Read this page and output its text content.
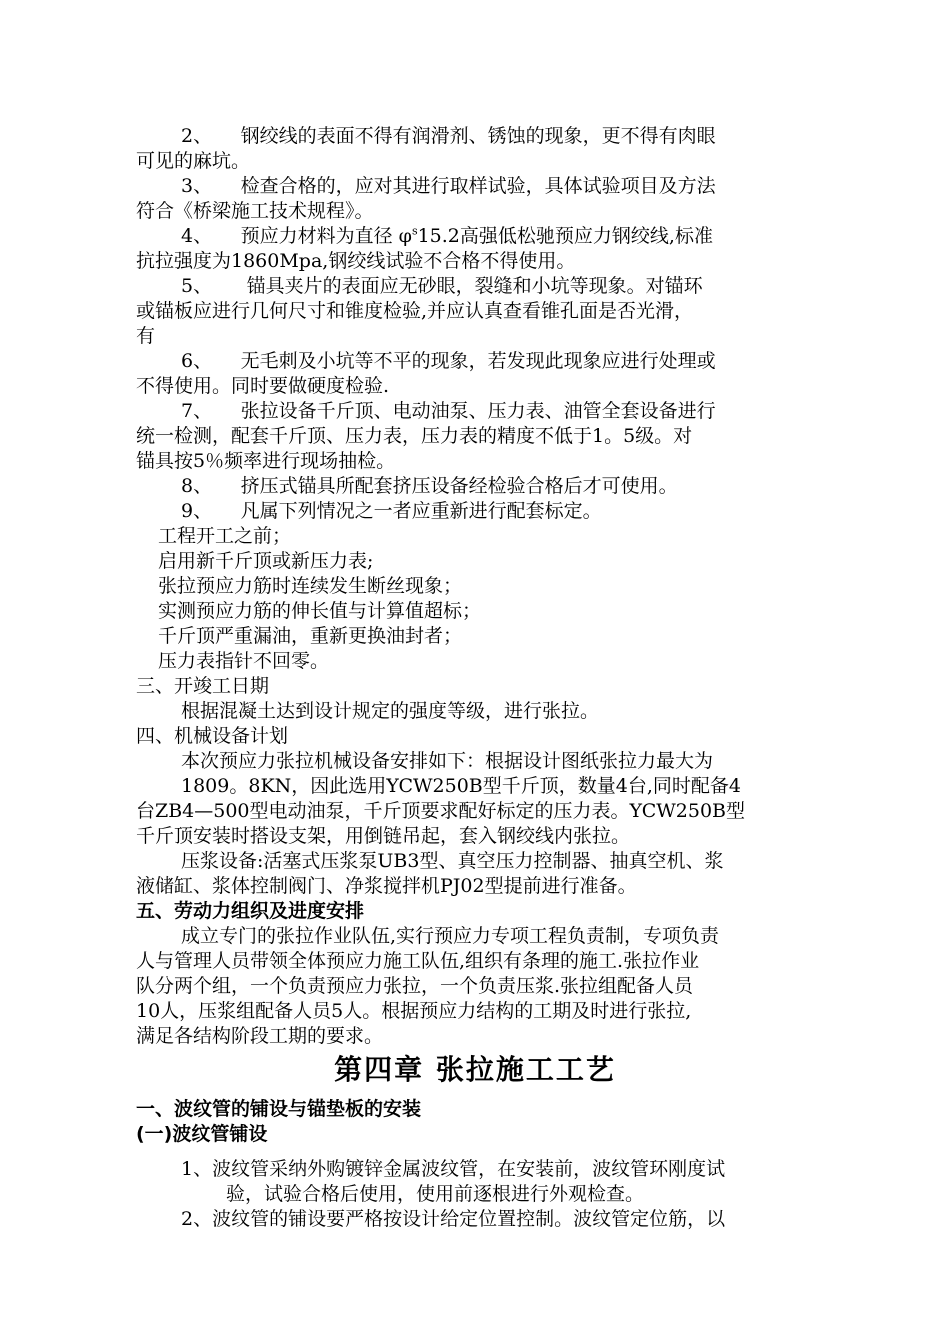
2、　　钢绞线的表面不得有润滑剂、锈蚀的现象，更不得有肉眼
可见的麻坑。
3、　　检查合格的，应对其进行取样试验，具体试验项目及方法
符合《桥梁施工技术规程》。
4、　　预应力材料为直径 $\varphi^s15.2$高强低松驰预应力钢绞线,标准
抗拉强度为1860Mpa,钢绞线试验不合格不得使用。
5、　　 锚具夹片的表面应无砂眼，裂缝和小坑等现象。对锚环
或锚板应进行几何尺寸和锥度检验,并应认真查看锥孔面是否光滑，
有
6、　　无毛刺及小坑等不平的现象，若发现此现象应进行处理或
不得使用。同时要做硬度检验.
7、　　张拉设备千斤顶、电动油泵、压力表、油管全套设备进行
统一检测，配套千斤顶、压力表，压力表的精度不低于1。5级。对
锚具按5％频率进行现场抽检。
8、　　挤压式锚具所配套挤压设备经检验合格后才可使用。
9、　　凡属下列情况之一者应重新进行配套标定。
工程开工之前；
启用新千斤顶或新压力表;
张拉预应力筋时连续发生断丝现象；
实测预应力筋的伸长值与计算值超标；
千斤顶严重漏油，重新更换油封者；
压力表指针不回零。
三、开竣工日期
根据混凝土达到设计规定的强度等级，进行张拉。
四、机械设备计划
本次预应力张拉机械设备安排如下：根据设计图纸张拉力最大为
1809。8KN，因此选用YCW250B型千斤顶，数量4台,同时配备4
台ZB4—500型电动油泵，千斤顶要求配好标定的压力表。YCW250B型
千斤顶安装时搭设支架，用倒链吊起，套入钢绞线内张拉。
压浆设备:活塞式压浆泵UB3型、真空压力控制器、抽真空机、浆
液储缸、浆体控制阀门、净浆搅拌机PJ02型提前进行准备。
五、劳动力组织及进度安排
成立专门的张拉作业队伍,实行预应力专项工程负责制，专项负责
人与管理人员带领全体预应力施工队伍,组织有条理的施工.张拉作业
队分两个组，一个负责预应力张拉，一个负责压浆.张拉组配备人员
10人，压浆组配备人员5人。根据预应力结构的工期及时进行张拉,
满足各结构阶段工期的要求。
第四章 张拉施工工艺
一、波纹管的铺设与锚垫板的安装
(一)波纹管铺设
1、波纹管采纳外购镀锌金属波纹管，在安装前，波纹管环刚度试
验，试验合格后使用，使用前逐根进行外观检查。
2、波纹管的铺设要严格按设计给定位置控制。波纹管定位筋，以
